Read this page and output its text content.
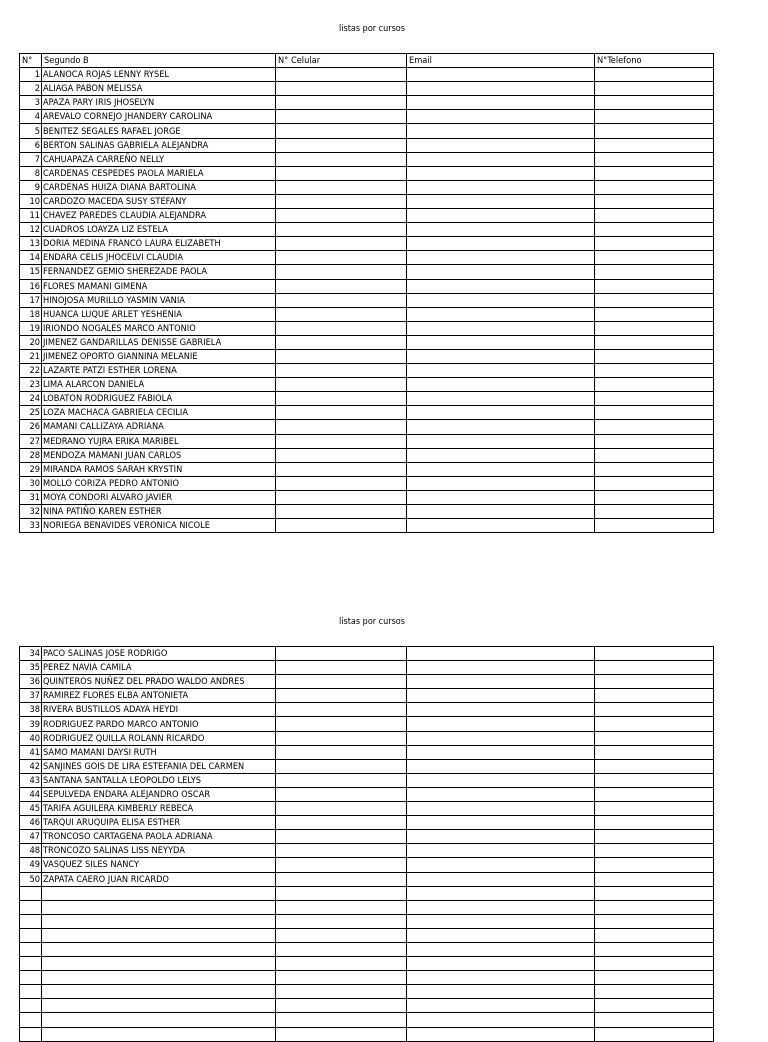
listas por cursos
N°	Segundo B	N° Celular	Email	N°Telefono
1	ALANOCA ROJAS LENNY RYSEL			
2	ALIAGA PABON MELISSA			
3	APAZA PARY IRIS JHOSELYN			
4	AREVALO CORNEJO JHANDERY CAROLINA			
5	BENITEZ SEGALES RAFAEL JORGE			
6	BERTON SALINAS GABRIELA ALEJANDRA			
7	CAHUAPAZA CARREÑO NELLY			
8	CARDENAS CESPEDES PAOLA MARIELA			
9	CARDENAS HUIZA DIANA BARTOLINA			
10	CARDOZO MACEDA SUSY STEFANY			
11	CHAVEZ PAREDES CLAUDIA ALEJANDRA			
12	CUADROS LOAYZA LIZ ESTELA			
13	DORIA MEDINA FRANCO LAURA ELIZABETH			
14	ENDARA CELIS JHOCELVI CLAUDIA			
15	FERNANDEZ GEMIO SHEREZADE PAOLA			
16	FLORES MAMANI GIMENA			
17	HINOJOSA MURILLO YASMIN VANIA			
18	HUANCA LUQUE ARLET YESHENIA			
19	IRIONDO NOGALES MARCO ANTONIO			
20	JIMENEZ GANDARILLAS DENISSE GABRIELA			
21	JIMENEZ OPORTO GIANNINA MELANIE			
22	LAZARTE PATZI ESTHER LORENA			
23	LIMA ALARCON DANIELA			
24	LOBATON RODRIGUEZ FABIOLA			
25	LOZA MACHACA GABRIELA CECILIA			
26	MAMANI CALLIZAYA ADRIANA			
27	MEDRANO YUJRA ERIKA MARIBEL			
28	MENDOZA MAMANI JUAN CARLOS			
29	MIRANDA RAMOS SARAH KRYSTIN			
30	MOLLO CORIZA PEDRO ANTONIO			
31	MOYA CONDORI ALVARO JAVIER			
32	NINA PATIÑO KAREN ESTHER			
33	NORIEGA BENAVIDES VERONICA NICOLE			
listas por cursos
34	PACO SALINAS JOSE RODRIGO			
35	PEREZ NAVIA CAMILA			
36	QUINTEROS NUÑEZ DEL PRADO WALDO ANDRES			
37	RAMIREZ FLORES ELBA ANTONIETA			
38	RIVERA BUSTILLOS ADAYA HEYDI			
39	RODRIGUEZ PARDO MARCO ANTONIO			
40	RODRIGUEZ QUILLA ROLANN RICARDO			
41	SAMO MAMANI DAYSI RUTH			
42	SANJINES GOIS DE LIRA ESTEFANIA DEL CARMEN			
43	SANTANA SANTALLA LEOPOLDO LELYS			
44	SEPULVEDA ENDARA ALEJANDRO OSCAR			
45	TARIFA AGUILERA KIMBERLY REBECA			
46	TARQUI ARUQUIPA ELISA ESTHER			
47	TRONCOSO CARTAGENA PAOLA ADRIANA			
48	TRONCOZO SALINAS LISS NEYYDA			
49	VASQUEZ SILES NANCY			
50	ZAPATA CAERO JUAN RICARDO			
